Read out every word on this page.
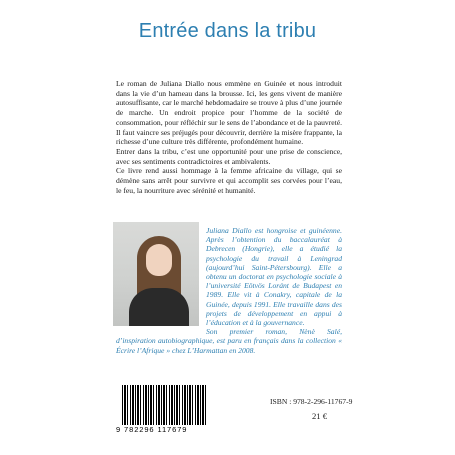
Entrée dans la tribu

Le roman de Juliana Diallo nous emmène en Guinée et nous introduit dans la vie d’un hameau dans la brousse. Ici, les gens vivent de manière autosuffisante, car le marché hebdomadaire se trouve à plus d’une journée de marche. Un endroit propice pour l’homme de la société de consommation, pour réfléchir sur le sens de l’abondance et de la pauvreté. Il faut vaincre ses préjugés pour découvrir, derrière la misère frappante, la richesse d’une culture très différente, profondément humaine.

Entrer dans la tribu, c’est une opportunité pour une prise de conscience, avec ses sentiments contradictoires et ambivalents.

Ce livre rend aussi hommage à la femme africaine du village, qui se démène sans arrêt pour survivre et qui accomplit ses corvées pour l’eau, le feu, la nourriture avec sérénité et humanité.

Juliana Diallo est hongroise et guinéenne. Après l’obtention du baccalauréat à Debrecen (Hongrie), elle a étudié la psychologie du travail à Leningrad (aujourd’hui Saint-Pétersbourg). Elle a obtenu un doctorat en psychologie sociale à l’université Eötvös Loránt de Budapest en 1989. Elle vit à Conakry, capitale de la Guinée, depuis 1991. Elle travaille dans des projets de développement en appui à l’éducation et à la gouvernance.

Son premier roman, Nènè Salé, d’inspiration autobiographique, est paru en français dans la collection « Écrire l’Afrique » chez L’Harmattan en 2008.

9 782296 117679
ISBN : 978-2-296-11767-9
21 €
